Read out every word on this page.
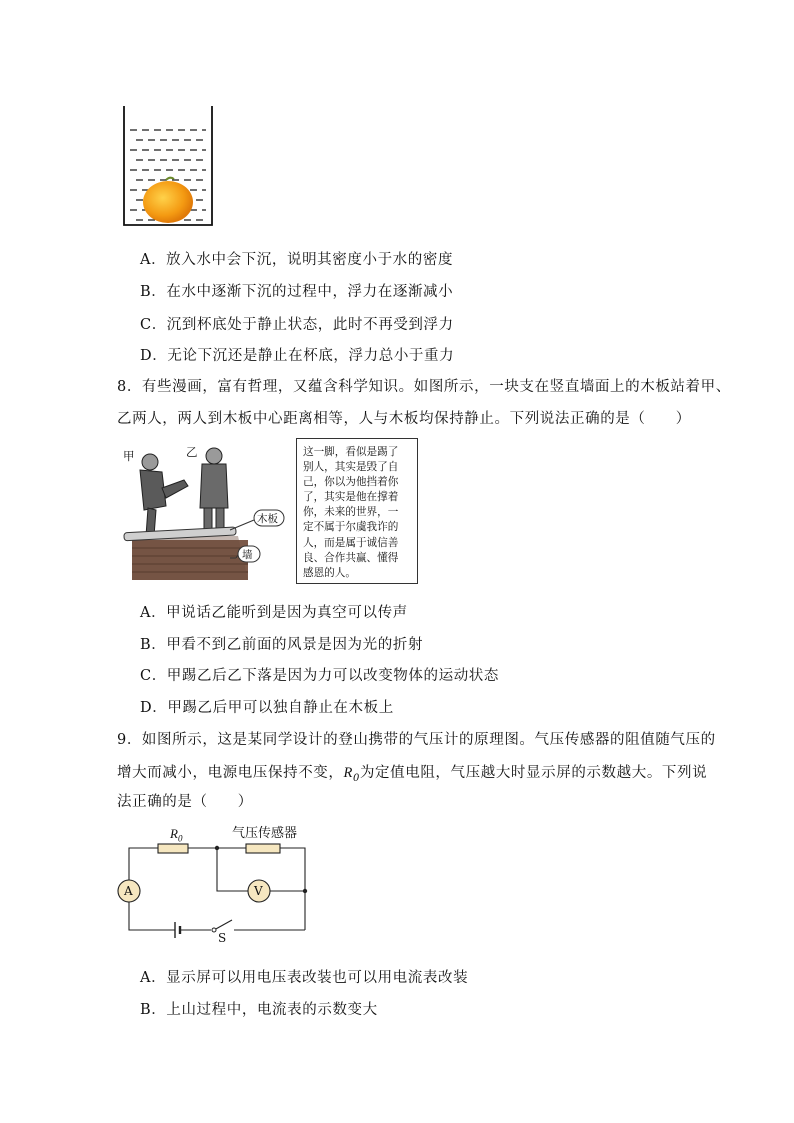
A．放入水中会下沉，说明其密度小于水的密度
B．在水中逐渐下沉的过程中，浮力在逐渐减小
C．沉到杯底处于静止状态，此时不再受到浮力
D．无论下沉还是静止在杯底，浮力总小于重力
8．有些漫画，富有哲理，又蕴含科学知识。如图所示，一块支在竖直墙面上的木板站着甲、
乙两人，两人到木板中心距离相等，人与木板均保持静止。下列说法正确的是（　　）
甲	乙
木板
墙
这一脚，看似是踢了
别人，其实是毁了自
己，你以为他挡着你
了，其实是他在撑着
你，未来的世界，一
定不属于尔虞我诈的
人，而是属于诚信善
良、合作共赢、懂得
感恩的人。
A．甲说话乙能听到是因为真空可以传声
B．甲看不到乙前面的风景是因为光的折射
C．甲踢乙后乙下落是因为力可以改变物体的运动状态
D．甲踢乙后甲可以独自静止在木板上
9．如图所示，这是某同学设计的登山携带的气压计的原理图。气压传感器的阻值随气压的
增大而减小，电源电压保持不变，$R_0$为定值电阻，气压越大时显示屏的示数越大。下列说
法正确的是（　　）
$R_0$	气压传感器
A	V
S
A．显示屏可以用电压表改装也可以用电流表改装
B．上山过程中，电流表的示数变大
